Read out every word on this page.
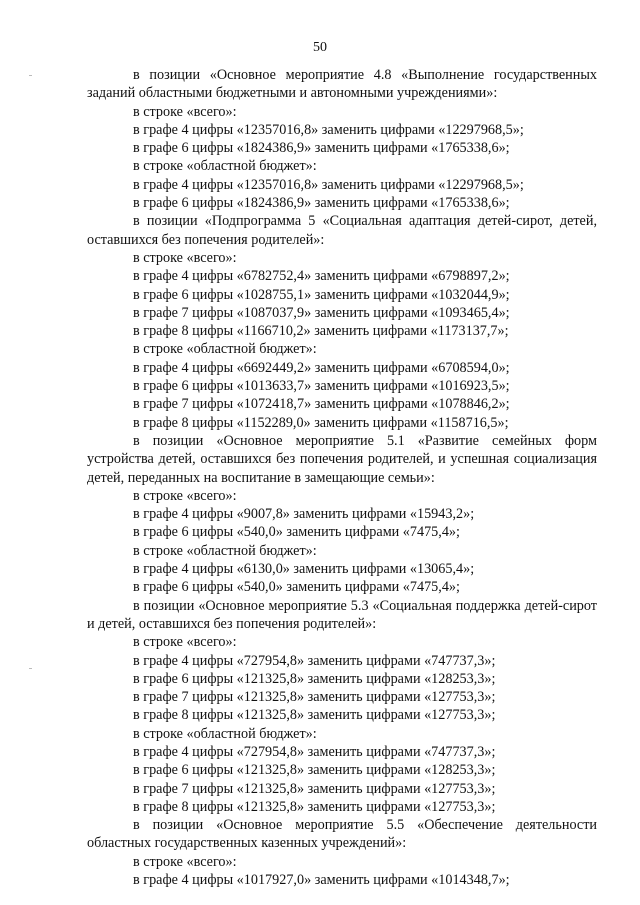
50
в позиции «Основное мероприятие 4.8 «Выполнение государственных заданий областными бюджетными и автономными учреждениями»:
в строке «всего»:
в графе 4 цифры «12357016,8» заменить цифрами «12297968,5»;
в графе 6 цифры «1824386,9» заменить цифрами «1765338,6»;
в строке «областной бюджет»:
в графе 4 цифры «12357016,8» заменить цифрами «12297968,5»;
в графе 6 цифры «1824386,9» заменить цифрами «1765338,6»;
в позиции «Подпрограмма 5 «Социальная адаптация детей-сирот, детей, оставшихся без попечения родителей»:
в строке «всего»:
в графе 4 цифры «6782752,4» заменить цифрами «6798897,2»;
в графе 6 цифры «1028755,1» заменить цифрами «1032044,9»;
в графе 7 цифры «1087037,9» заменить цифрами «1093465,4»;
в графе 8 цифры «1166710,2» заменить цифрами «1173137,7»;
в строке «областной бюджет»:
в графе 4 цифры «6692449,2» заменить цифрами «6708594,0»;
в графе 6 цифры «1013633,7» заменить цифрами «1016923,5»;
в графе 7 цифры «1072418,7» заменить цифрами «1078846,2»;
в графе 8 цифры «1152289,0» заменить цифрами «1158716,5»;
в позиции «Основное мероприятие 5.1 «Развитие семейных форм устройства детей, оставшихся без попечения родителей, и успешная социализация детей, переданных на воспитание в замещающие семьи»:
в строке «всего»:
в графе 4 цифры «9007,8» заменить цифрами «15943,2»;
в графе 6 цифры «540,0» заменить цифрами «7475,4»;
в строке «областной бюджет»:
в графе 4 цифры «6130,0» заменить цифрами «13065,4»;
в графе 6 цифры «540,0» заменить цифрами «7475,4»;
в позиции «Основное мероприятие 5.3 «Социальная поддержка детей-сирот и детей, оставшихся без попечения родителей»:
в строке «всего»:
в графе 4 цифры «727954,8» заменить цифрами «747737,3»;
в графе 6 цифры «121325,8» заменить цифрами «128253,3»;
в графе 7 цифры «121325,8» заменить цифрами «127753,3»;
в графе 8 цифры «121325,8» заменить цифрами «127753,3»;
в строке «областной бюджет»:
в графе 4 цифры «727954,8» заменить цифрами «747737,3»;
в графе 6 цифры «121325,8» заменить цифрами «128253,3»;
в графе 7 цифры «121325,8» заменить цифрами «127753,3»;
в графе 8 цифры «121325,8» заменить цифрами «127753,3»;
в позиции «Основное мероприятие 5.5 «Обеспечение деятельности областных государственных казенных учреждений»:
в строке «всего»:
в графе 4 цифры «1017927,0» заменить цифрами «1014348,7»;
